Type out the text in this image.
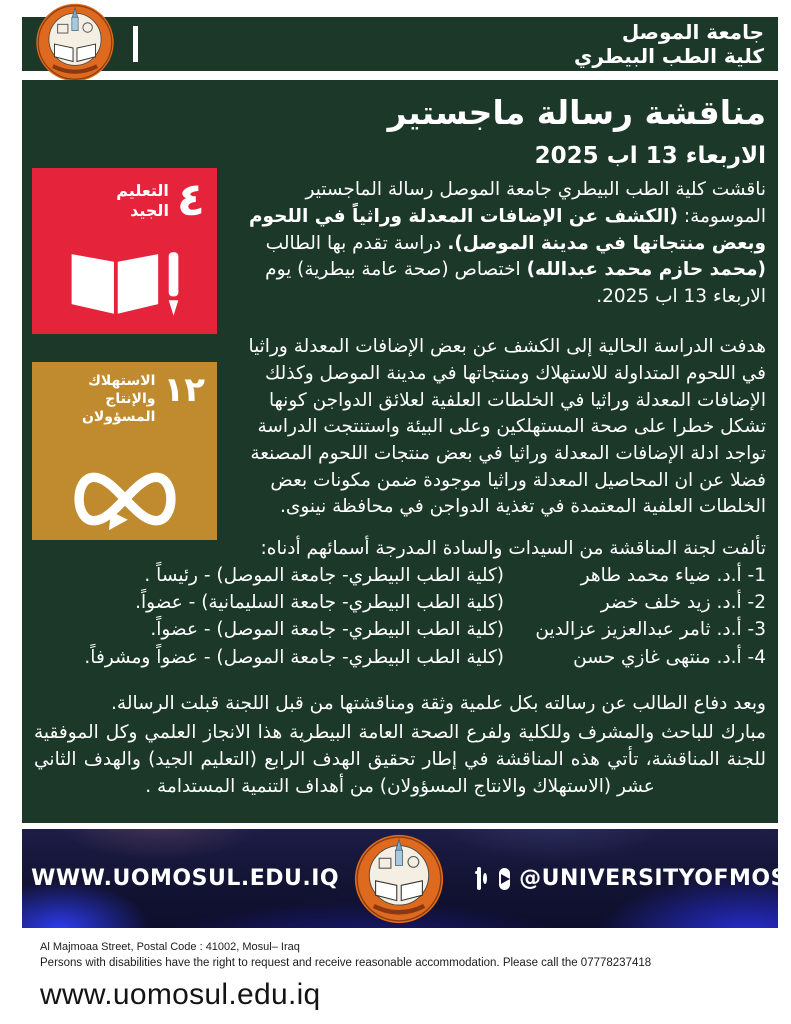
جامعة الموصل
كلية الطب البيطري
مناقشة رسالة ماجستير
الاربعاء 13 اب 2025
ناقشت كلية الطب البيطري جامعة الموصل رسالة الماجستير الموسومة: (الكشف عن الإضافات المعدلة وراثياً في اللحوم وبعض منتجاتها في مدينة الموصل). دراسة تقدم بها الطالب (محمد حازم محمد عبدالله) اختصاص (صحة عامة بيطرية) يوم الاربعاء 13 اب 2025.
هدفت الدراسة الحالية إلى الكشف عن بعض الإضافات المعدلة وراثيا في اللحوم المتداولة للاستهلاك ومنتجاتها في مدينة الموصل وكذلك الإضافات المعدلة وراثيا في الخلطات العلفية لعلائق الدواجن كونها تشكل خطرا على صحة المستهلكين وعلى البيئة واستنتجت الدراسة تواجد ادلة الإضافات المعدلة وراثيا في بعض منتجات اللحوم المصنعة فضلا عن ان المحاصيل المعدلة وراثيا موجودة ضمن مكونات بعض الخلطات العلفية المعتمدة في تغذية الدواجن في محافظة نينوى.
تألفت لجنة المناقشة من السيدات والسادة المدرجة أسمائهم أدناه:
1- أ.د. ضياء محمد طاهر
(كلية الطب البيطري- جامعة الموصل) - رئيساً .
2- أ.د. زيد خلف خضر
(كلية الطب البيطري- جامعة السليمانية) - عضواً.
3- أ.د. ثامر عبدالعزيز عزالدين
(كلية الطب البيطري- جامعة الموصل) - عضواً.
4- أ.د. منتهى غازي حسن
(كلية الطب البيطري- جامعة الموصل) - عضواً ومشرفاً.
وبعد دفاع الطالب عن رسالته بكل علمية وثقة ومناقشتها من قبل اللجنة قبلت الرسالة.
مبارك للباحث والمشرف وللكلية ولفرع الصحة العامة البيطرية هذا الانجاز العلمي وكل الموفقية للجنة المناقشة، تأتي هذه المناقشة في إطار تحقيق الهدف الرابع (التعليم الجيد) والهدف الثاني عشر (الاستهلاك والانتاج المسؤولان) من أهداف التنمية المستدامة .
٤
التعليم
الجيد
١٢
الاستهلاك
والإنتاج
المسؤولان
WWW.UOMOSUL.EDU.IQ	@UNIVERSITYOFMOS
Al Majmoaa Street, Postal Code : 41002, Mosul– Iraq
Persons with disabilities have the right to request and receive reasonable accommodation. Please call the 07778237418
www.uomosul.edu.iq
